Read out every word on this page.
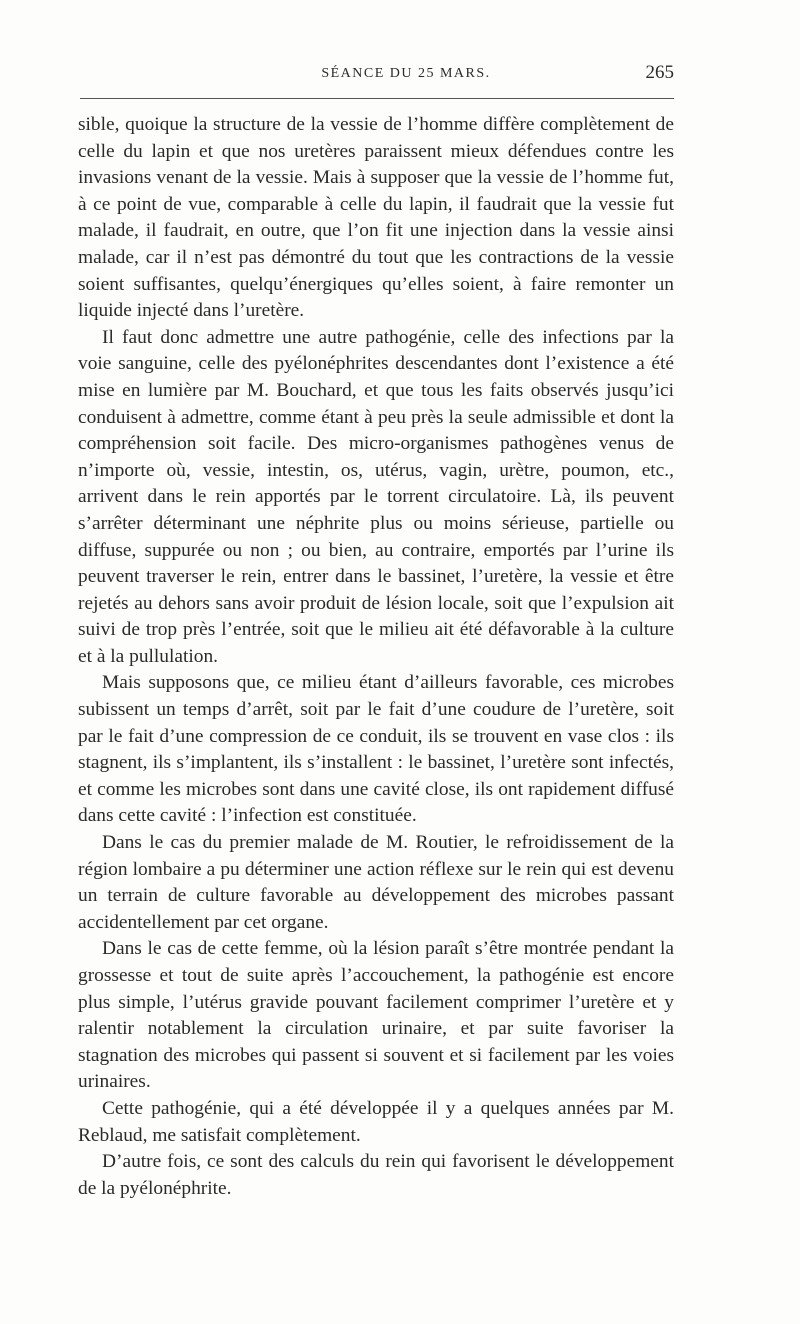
SÉANCE DU 25 MARS.	265

sible, quoique la structure de la vessie de l’homme diffère complètement de celle du lapin et que nos uretères paraissent mieux défendues contre les invasions venant de la vessie. Mais à supposer que la vessie de l’homme fut, à ce point de vue, comparable à celle du lapin, il faudrait que la vessie fut malade, il faudrait, en outre, que l’on fit une injection dans la vessie ainsi malade, car il n’est pas démontré du tout que les contractions de la vessie soient suffisantes, quelqu’énergiques qu’elles soient, à faire remonter un liquide injecté dans l’uretère.

Il faut donc admettre une autre pathogénie, celle des infections par la voie sanguine, celle des pyélonéphrites descendantes dont l’existence a été mise en lumière par M. Bouchard, et que tous les faits observés jusqu’ici conduisent à admettre, comme étant à peu près la seule admissible et dont la compréhension soit facile. Des micro-organismes pathogènes venus de n’importe où, vessie, intestin, os, utérus, vagin, urètre, poumon, etc., arrivent dans le rein apportés par le torrent circulatoire. Là, ils peuvent s’arrêter déterminant une néphrite plus ou moins sérieuse, partielle ou diffuse, suppurée ou non ; ou bien, au contraire, emportés par l’urine ils peuvent traverser le rein, entrer dans le bassinet, l’uretère, la vessie et être rejetés au dehors sans avoir produit de lésion locale, soit que l’expulsion ait suivi de trop près l’entrée, soit que le milieu ait été défavorable à la culture et à la pullulation.

Mais supposons que, ce milieu étant d’ailleurs favorable, ces microbes subissent un temps d’arrêt, soit par le fait d’une coudure de l’uretère, soit par le fait d’une compression de ce conduit, ils se trouvent en vase clos : ils stagnent, ils s’implantent, ils s’installent : le bassinet, l’uretère sont infectés, et comme les microbes sont dans une cavité close, ils ont rapidement diffusé dans cette cavité : l’infection est constituée.

Dans le cas du premier malade de M. Routier, le refroidissement de la région lombaire a pu déterminer une action réflexe sur le rein qui est devenu un terrain de culture favorable au développement des microbes passant accidentellement par cet organe.

Dans le cas de cette femme, où la lésion paraît s’être montrée pendant la grossesse et tout de suite après l’accouchement, la pathogénie est encore plus simple, l’utérus gravide pouvant facilement comprimer l’uretère et y ralentir notablement la circulation urinaire, et par suite favoriser la stagnation des microbes qui passent si souvent et si facilement par les voies urinaires.

Cette pathogénie, qui a été développée il y a quelques années par M. Reblaud, me satisfait complètement.

D’autre fois, ce sont des calculs du rein qui favorisent le développement de la pyélonéphrite.
